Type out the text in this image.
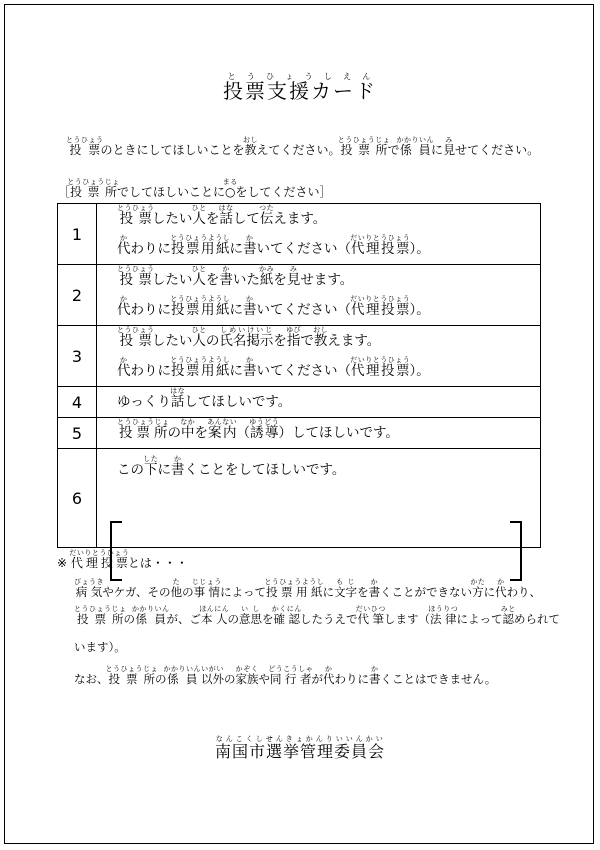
投票支援カードとうひょうしえん
投票とうひょうのときにしてほしいことを教おしえてください。投票所とうひょうじょで係員かかりいんに見みせてください。
［投票所とうひょうじょでしてほしいことに○まるをしてください］
1	投票とうひょうしたい人ひとを話はなして伝つたえます。
代かわりに投票用紙とうひょうようしに書かいてください（代理投票だいりとうひょう）。

2	投票とうひょうしたい人ひとを書かいた紙かみを見みせます。
代かわりに投票用紙とうひょうようしに書かいてください（代理投票だいりとうひょう）。

3	投票とうひょうしたい人ひとの氏名掲示しめいけいじを指ゆびで教おしえます。
代かわりに投票用紙とうひょうようしに書かいてください（代理投票だいりとうひょう）。

4	ゆっくり話はなしてほしいです。

5	投票所とうひょうじょの中なかを案内あんない（誘導ゆうどう）してほしいです。

6	この下したに書かくことをしてほしいです。
※ 代理投票だいりとうひょうとは・・・
病気びょうきやケガ、その他たの事情じじょうによって投票用紙とうひょうようしに文字もじを書かくことができない方かたに代かわり、
投票所とうひょうじょの係員かかりいんが、ご本人ほんにんの意思いしを確認かくにんしたうえで代筆だいひつします（法律ほうりつによって認みとめられて
います）。
なお、投票所とうひょうじょの係員かかりいん以外いがいの家族かぞくや同行者どうこうしゃが代かわりに書かくことはできません。
南国市選挙管理委員会なんこくしせんきょかんりいいんかい
